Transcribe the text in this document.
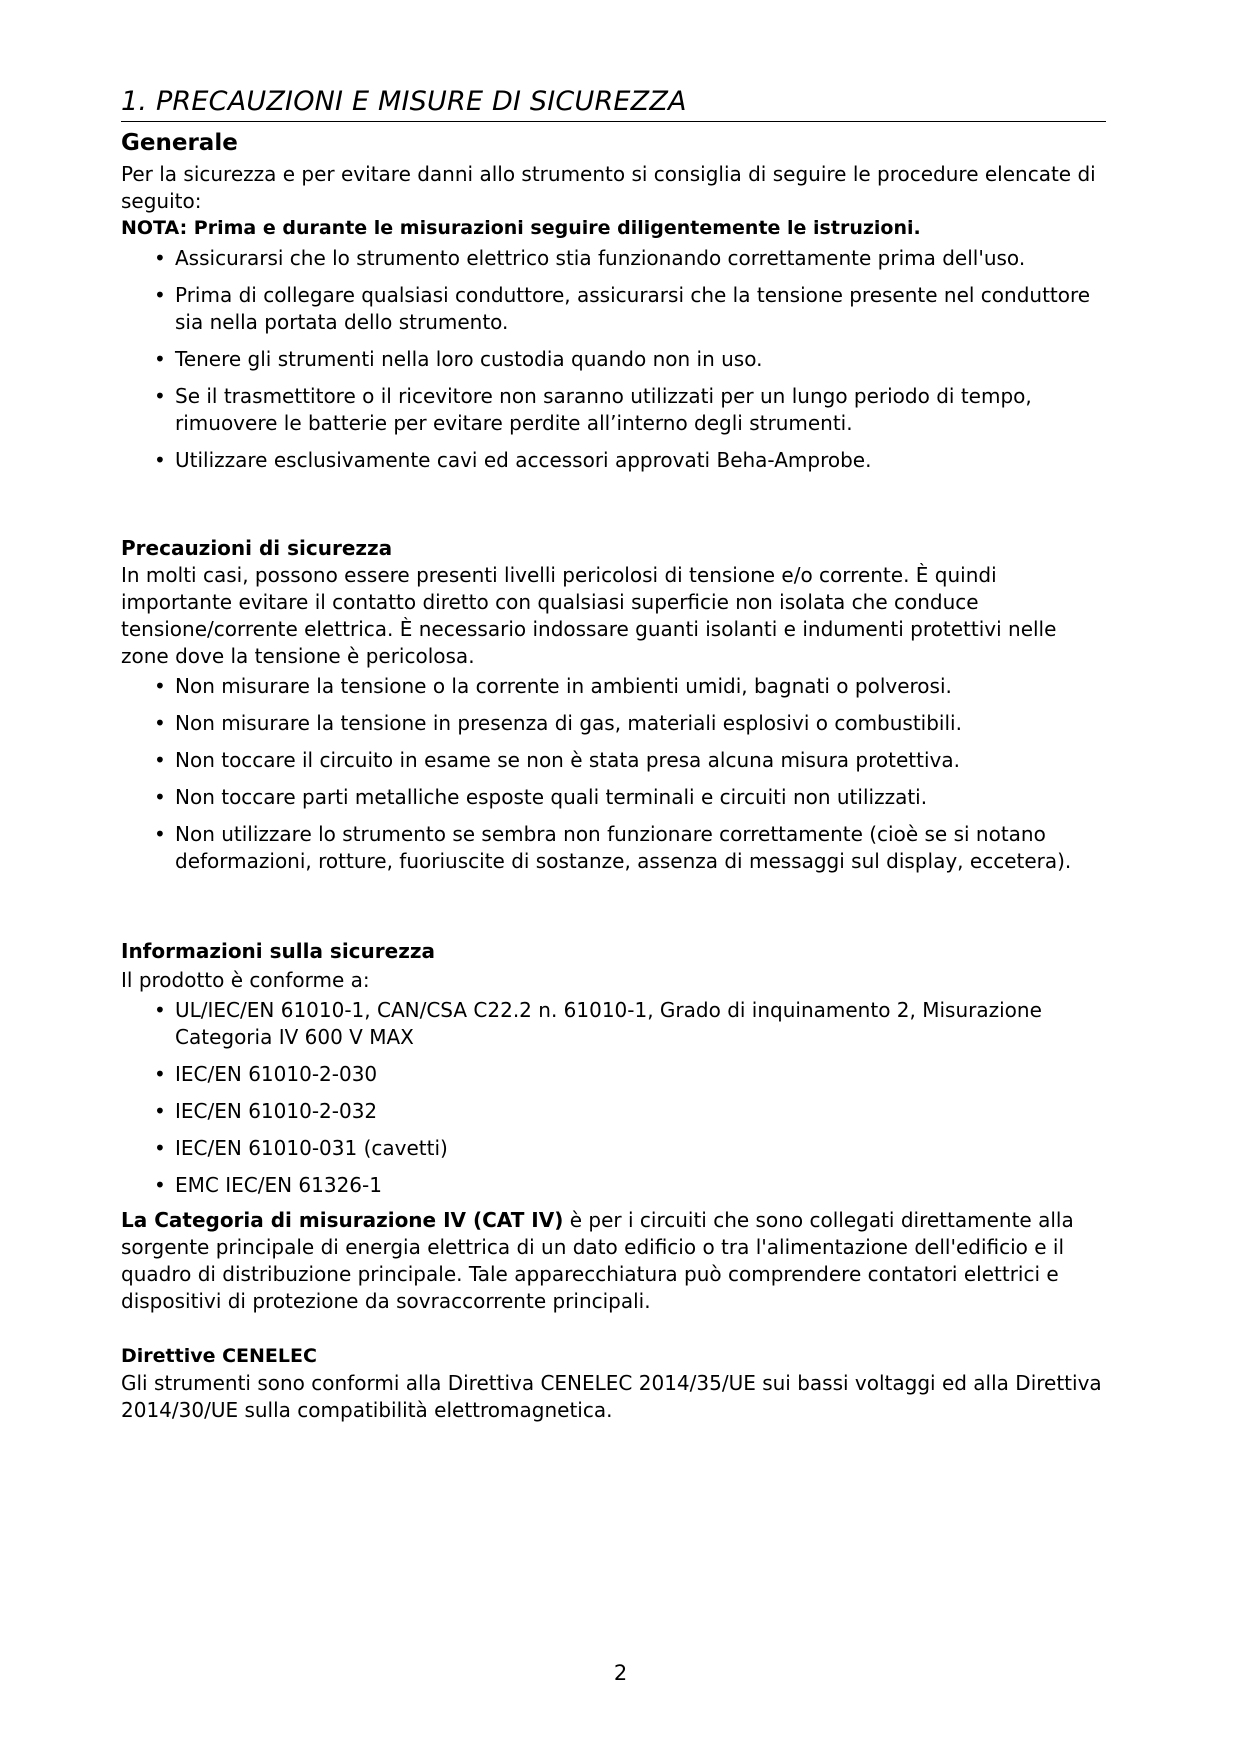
1. PRECAUZIONI E MISURE DI SICUREZZA
Generale

Per la sicurezza e per evitare danni allo strumento si consiglia di seguire le procedure elencate di seguito:

NOTA: Prima e durante le misurazioni seguire diligentemente le istruzioni.

• Assicurarsi che lo strumento elettrico stia funzionando correttamente prima dell'uso.
• Prima di collegare qualsiasi conduttore, assicurarsi che la tensione presente nel conduttore sia nella portata dello strumento.
• Tenere gli strumenti nella loro custodia quando non in uso.
• Se il trasmettitore o il ricevitore non saranno utilizzati per un lungo periodo di tempo, rimuovere le batterie per evitare perdite all’interno degli strumenti.
• Utilizzare esclusivamente cavi ed accessori approvati Beha-Amprobe.
Precauzioni di sicurezza

In molti casi, possono essere presenti livelli pericolosi di tensione e/o corrente. È quindi importante evitare il contatto diretto con qualsiasi superficie non isolata che conduce tensione/corrente elettrica. È necessario indossare guanti isolanti e indumenti protettivi nelle zone dove la tensione è pericolosa.

• Non misurare la tensione o la corrente in ambienti umidi, bagnati o polverosi.
• Non misurare la tensione in presenza di gas, materiali esplosivi o combustibili.
• Non toccare il circuito in esame se non è stata presa alcuna misura protettiva.
• Non toccare parti metalliche esposte quali terminali e circuiti non utilizzati.
• Non utilizzare lo strumento se sembra non funzionare correttamente (cioè se si notano deformazioni, rotture, fuoriuscite di sostanze, assenza di messaggi sul display, eccetera).
Informazioni sulla sicurezza

Il prodotto è conforme a:

• UL/IEC/EN 61010-1, CAN/CSA C22.2 n. 61010-1, Grado di inquinamento 2, Misurazione Categoria IV 600 V MAX
• IEC/EN 61010-2-030
• IEC/EN 61010-2-032
• IEC/EN 61010-031 (cavetti)
• EMC IEC/EN 61326-1

La Categoria di misurazione IV (CAT IV) è per i circuiti che sono collegati direttamente alla sorgente principale di energia elettrica di un dato edificio o tra l'alimentazione dell'edificio e il quadro di distribuzione principale. Tale apparecchiatura può comprendere contatori elettrici e dispositivi di protezione da sovraccorrente principali.

Direttive CENELEC

Gli strumenti sono conformi alla Direttiva CENELEC 2014/35/UE sui bassi voltaggi ed alla Direttiva 2014/30/UE sulla compatibilità elettromagnetica.

2
